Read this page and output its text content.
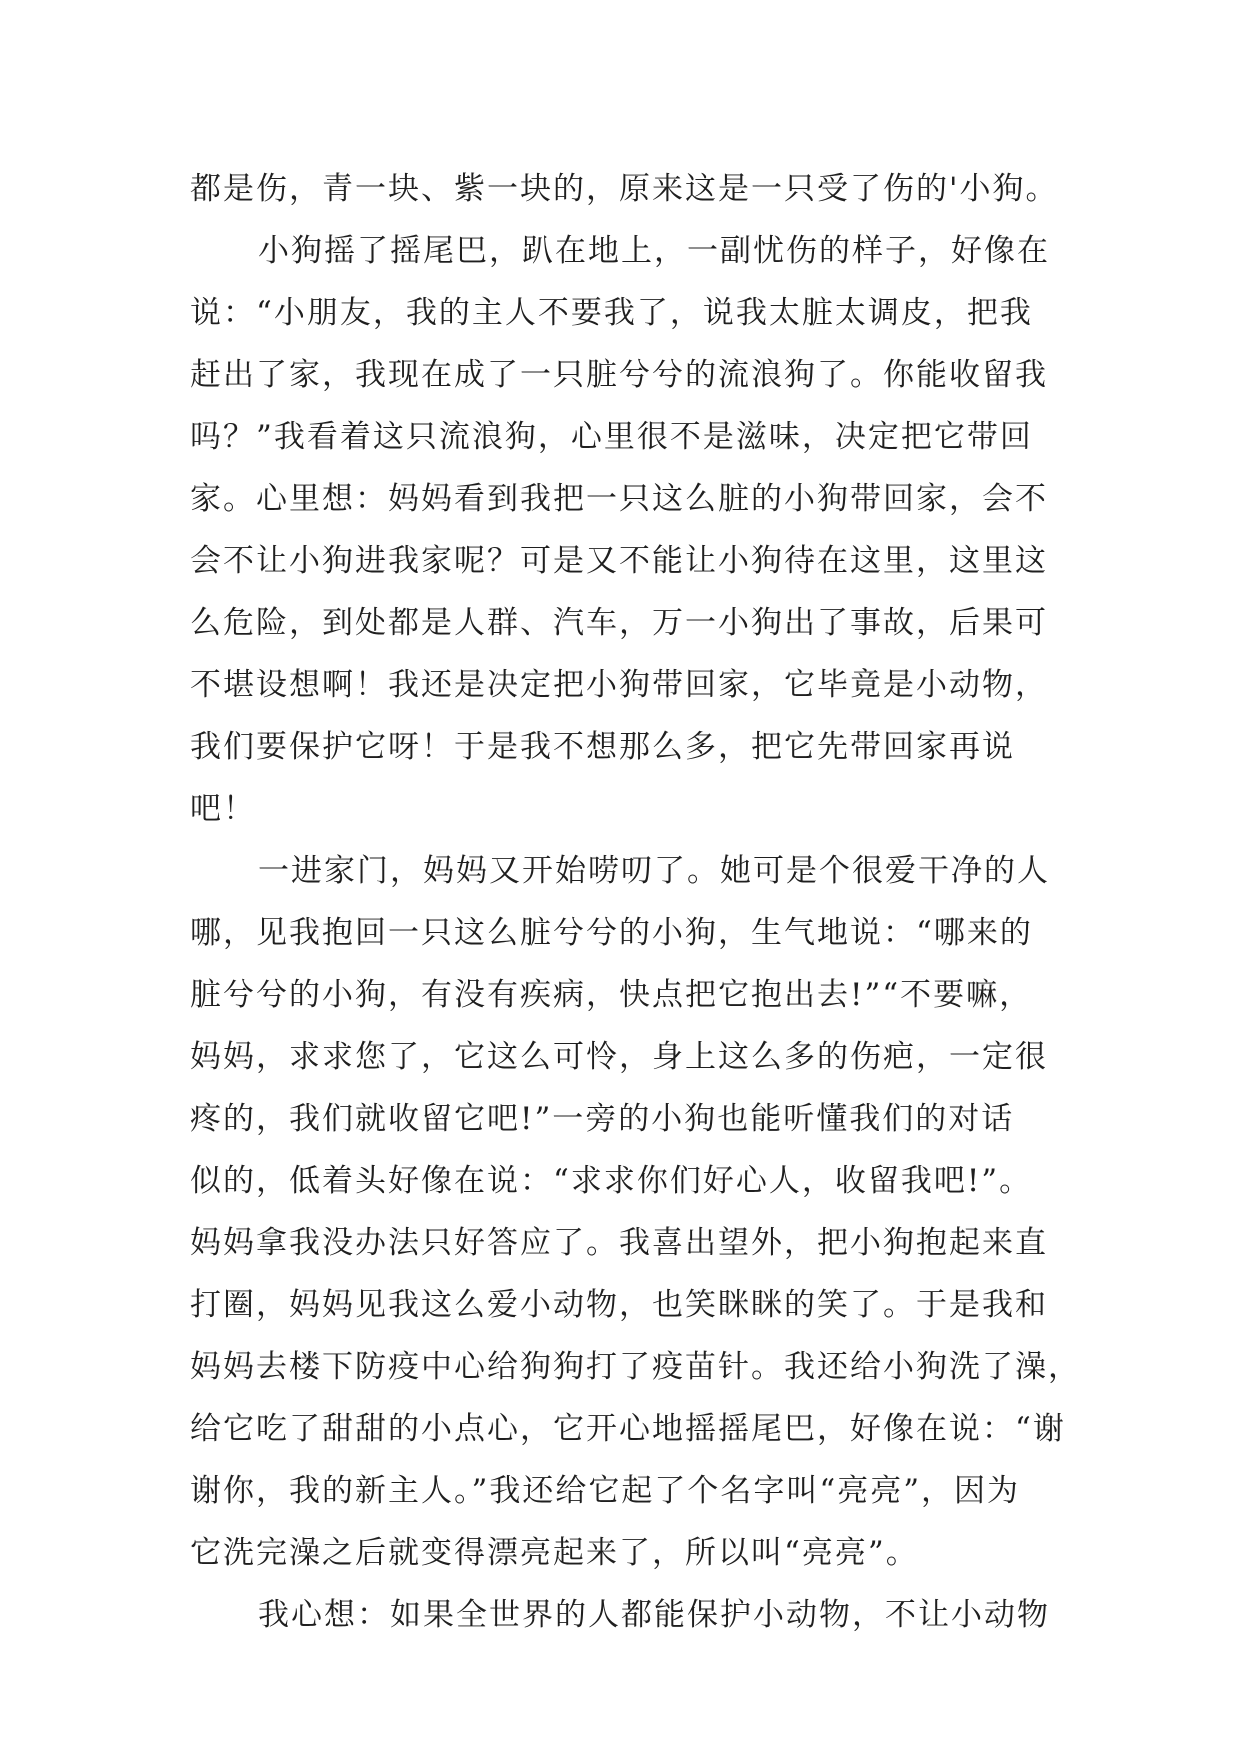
都是伤，青一块、紫一块的，原来这是一只受了伤的'小狗。
小狗摇了摇尾巴，趴在地上，一副忧伤的样子，好像在
说：“小朋友，我的主人不要我了，说我太脏太调皮，把我
赶出了家，我现在成了一只脏兮兮的流浪狗了。你能收留我
吗？”我看着这只流浪狗，心里很不是滋味，决定把它带回
家。心里想：妈妈看到我把一只这么脏的小狗带回家，会不
会不让小狗进我家呢？可是又不能让小狗待在这里，这里这
么危险，到处都是人群、汽车，万一小狗出了事故，后果可
不堪设想啊！我还是决定把小狗带回家，它毕竟是小动物，
我们要保护它呀！于是我不想那么多，把它先带回家再说
吧！
一进家门，妈妈又开始唠叨了。她可是个很爱干净的人
哪，见我抱回一只这么脏兮兮的小狗，生气地说：“哪来的
脏兮兮的小狗，有没有疾病，快点把它抱出去!”“不要嘛，
妈妈，求求您了，它这么可怜，身上这么多的伤疤，一定很
疼的，我们就收留它吧!”一旁的小狗也能听懂我们的对话
似的，低着头好像在说：“求求你们好心人，收留我吧!”。
妈妈拿我没办法只好答应了。我喜出望外，把小狗抱起来直
打圈，妈妈见我这么爱小动物，也笑眯眯的笑了。于是我和
妈妈去楼下防疫中心给狗狗打了疫苗针。我还给小狗洗了澡，
给它吃了甜甜的小点心，它开心地摇摇尾巴，好像在说：“谢
谢你，我的新主人。”我还给它起了个名字叫“亮亮”，因为
它洗完澡之后就变得漂亮起来了，所以叫“亮亮”。
我心想：如果全世界的人都能保护小动物，不让小动物
